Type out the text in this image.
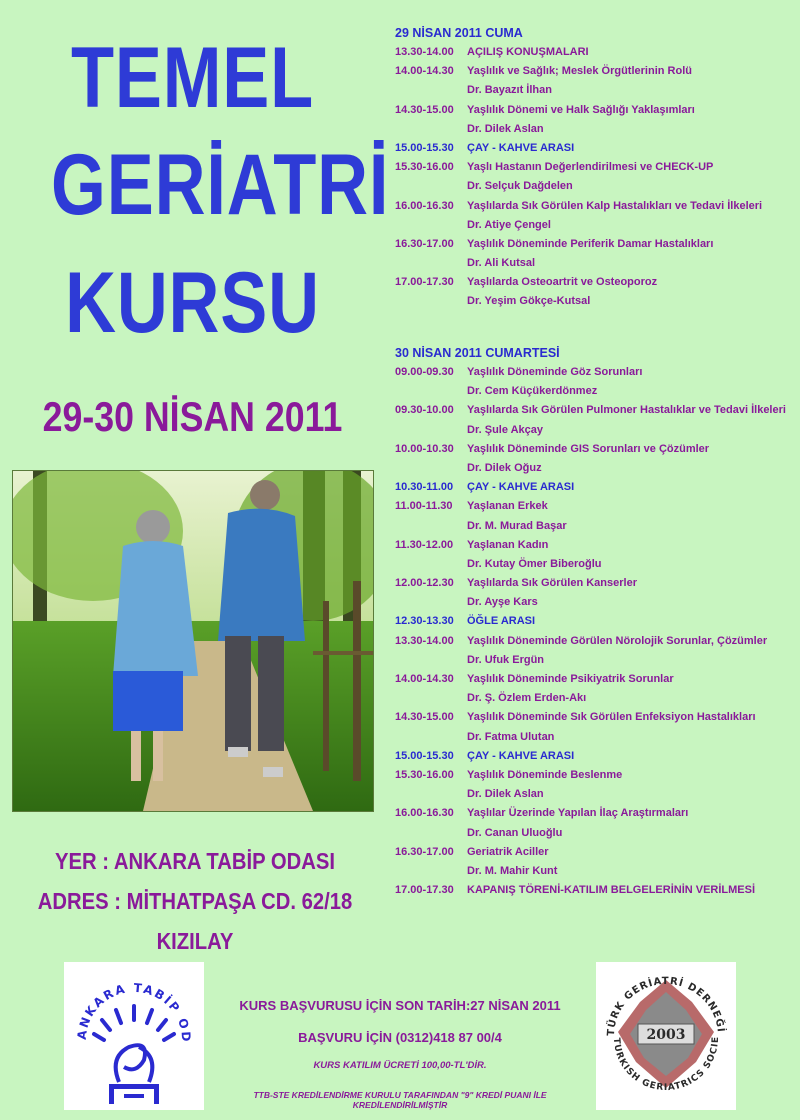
TEMEL
GERİATRİ
KURSU
29-30 NİSAN 2011
YER : ANKARA TABİP ODASI
ADRES : MİTHATPAŞA CD. 62/18
KIZILAY
29 NİSAN 2011 CUMA
13.30-14.00 AÇILIŞ KONUŞMALARI
14.00-14.30 Yaşlılık ve Sağlık; Meslek Örgütlerinin Rolü
Dr. Bayazıt İlhan
14.30-15.00 Yaşlılık Dönemi ve Halk Sağlığı Yaklaşımları
Dr. Dilek Aslan
15.00-15.30 ÇAY - KAHVE ARASI
15.30-16.00 Yaşlı Hastanın Değerlendirilmesi ve CHECK-UP
Dr. Selçuk Dağdelen
16.00-16.30 Yaşlılarda Sık Görülen Kalp Hastalıkları ve Tedavi İlkeleri
Dr. Atiye Çengel
16.30-17.00 Yaşlılık Döneminde Periferik Damar Hastalıkları
Dr. Ali Kutsal
17.00-17.30 Yaşlılarda Osteoartrit ve Osteoporoz
Dr. Yeşim Gökçe-Kutsal
30 NİSAN 2011 CUMARTESİ
09.00-09.30 Yaşlılık Döneminde Göz Sorunları
Dr. Cem Küçükerdönmez
09.30-10.00 Yaşlılarda Sık Görülen Pulmoner Hastalıklar ve Tedavi İlkeleri
Dr. Şule Akçay
10.00-10.30 Yaşlılık Döneminde GIS Sorunları ve Çözümler
Dr. Dilek Oğuz
10.30-11.00 ÇAY - KAHVE ARASI
11.00-11.30 Yaşlanan Erkek
Dr. M. Murad Başar
11.30-12.00 Yaşlanan Kadın
Dr. Kutay Ömer Biberoğlu
12.00-12.30 Yaşlılarda Sık Görülen Kanserler
Dr. Ayşe Kars
12.30-13.30 ÖĞLE ARASI
13.30-14.00 Yaşlılık Döneminde Görülen Nörolojik Sorunlar, Çözümler
Dr. Ufuk Ergün
14.00-14.30 Yaşlılık Döneminde Psikiyatrik Sorunlar
Dr. Ş. Özlem Erden-Akı
14.30-15.00 Yaşlılık Döneminde Sık Görülen Enfeksiyon Hastalıkları
Dr. Fatma Ulutan
15.00-15.30 ÇAY - KAHVE ARASI
15.30-16.00 Yaşlılık Döneminde Beslenme
Dr. Dilek Aslan
16.00-16.30 Yaşlılar Üzerinde Yapılan İlaç Araştırmaları
Dr. Canan Uluoğlu
16.30-17.00 Geriatrik Aciller
Dr. M. Mahir Kunt
17.00-17.30 KAPANIŞ TÖRENİ-KATILIM BELGELERİNİN VERİLMESİ
ANKARA TABİP OD	TÜRK GERİATRİ DERNEĞİ
TURKISH GERIATRICS SOCIE
2003
KURS BAŞVURUSU İÇİN SON TARİH:27 NİSAN 2011
BAŞVURU İÇİN (0312)418 87 00/4
KURS KATILIM ÜCRETİ 100,00-TL'DİR.
TTB-STE KREDİLENDİRME KURULU TARAFINDAN "9" KREDİ PUANI İLE KREDİLENDİRİLMİŞTİR
